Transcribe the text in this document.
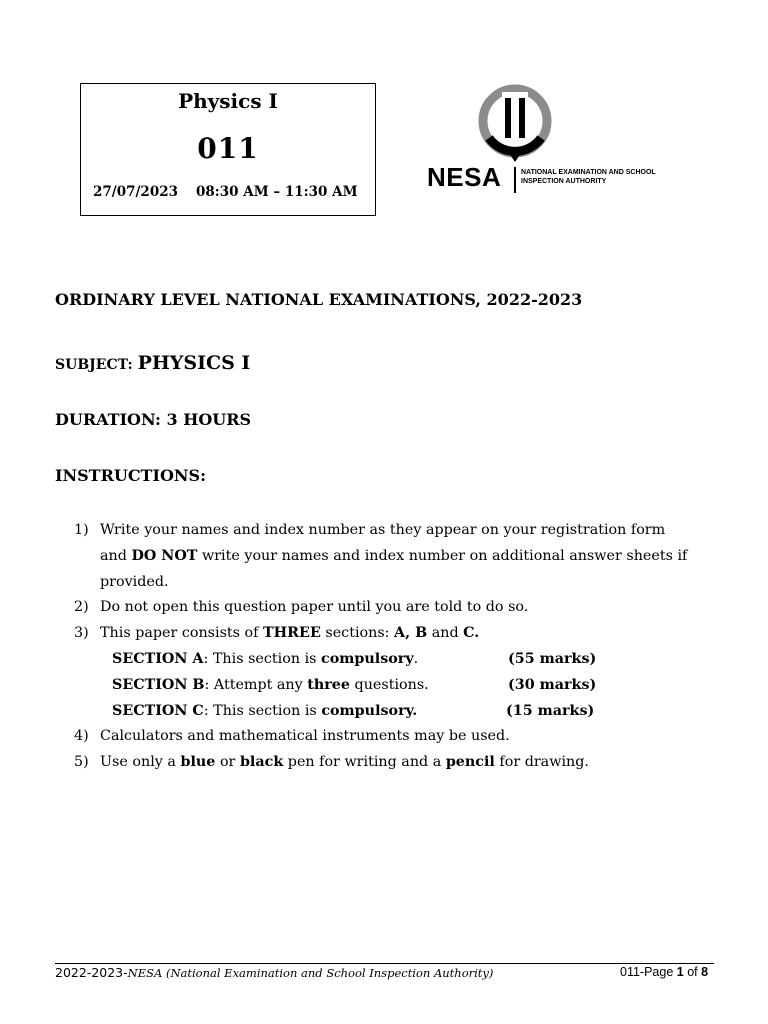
Physics I
011
27/07/2023 08:30 AM – 11:30 AM	NESA	NATIONAL EXAMINATION AND SCHOOL INSPECTION AUTHORITY
ORDINARY LEVEL NATIONAL EXAMINATIONS, 2022-2023
SUBJECT: PHYSICS I
DURATION: 3 HOURS
INSTRUCTIONS:
1) Write your names and index number as they appear on your registration form and DO NOT write your names and index number on additional answer sheets if provided.
2) Do not open this question paper until you are told to do so.
3) This paper consists of THREE sections: A, B and C.
SECTION A: This section is compulsory.	(55 marks)
SECTION B: Attempt any three questions.	(30 marks)
SECTION C: This section is compulsory.	(15 marks)
4) Calculators and mathematical instruments may be used.
5) Use only a blue or black pen for writing and a pencil for drawing.
2022-2023-NESA (National Examination and School Inspection Authority)	011-Page 1 of 8
